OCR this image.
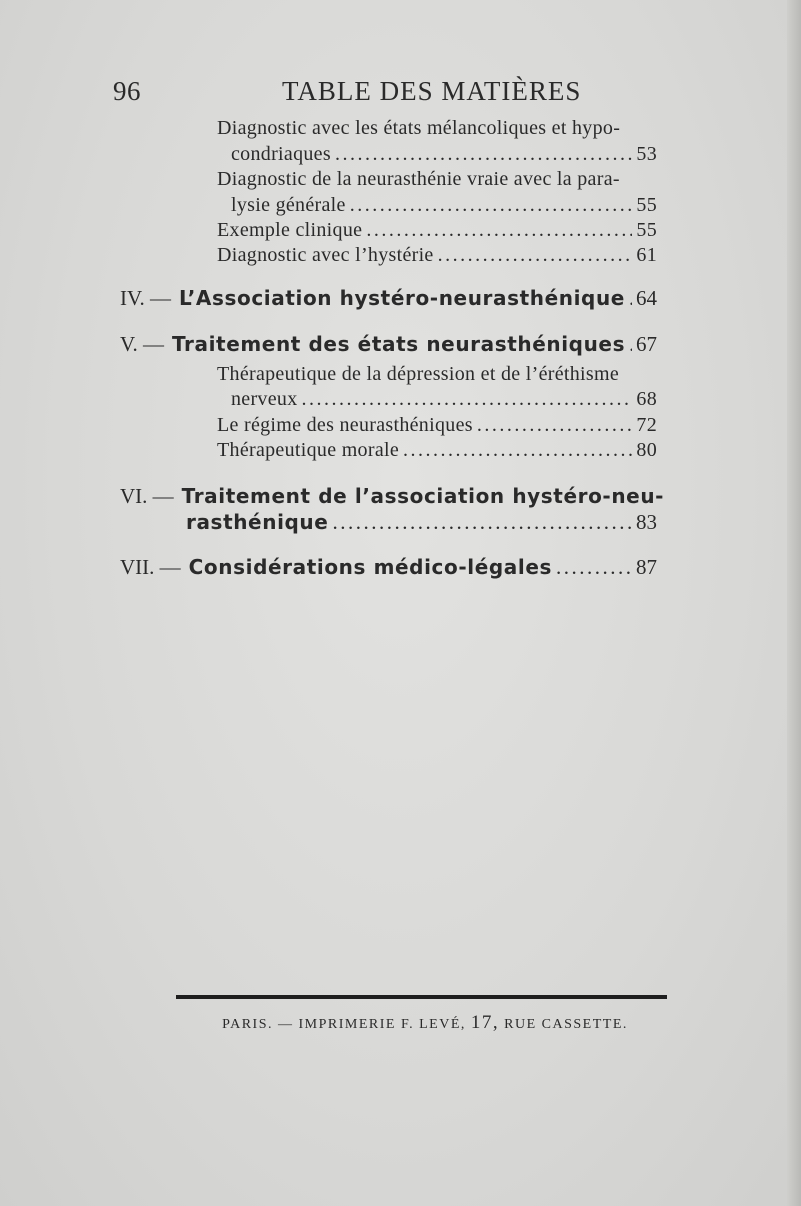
96	TABLE DES MATIÈRES
Diagnostic avec les états mélancoliques et hypo-
condriaques .....	53
Diagnostic de la neurasthénie vraie avec la para-
lysie générale .....	55
Exemple clinique .....	55
Diagnostic avec l’hystérie .....	61
IV. — L’Association hystéro-neurasthénique ..... 64
V. — Traitement des états neurasthéniques ..... 67
Thérapeutique de la dépression et de l’éréthisme
nerveux .....	68
Le régime des neurasthéniques .....	72
Thérapeutique morale .....	80
VI. — Traitement de l’association hystéro-neu-
rasthénique .....	83
VII. — Considérations médico-légales .....	87
PARIS. — IMPRIMERIE F. LEVÉ, 17, RUE CASSETTE.
